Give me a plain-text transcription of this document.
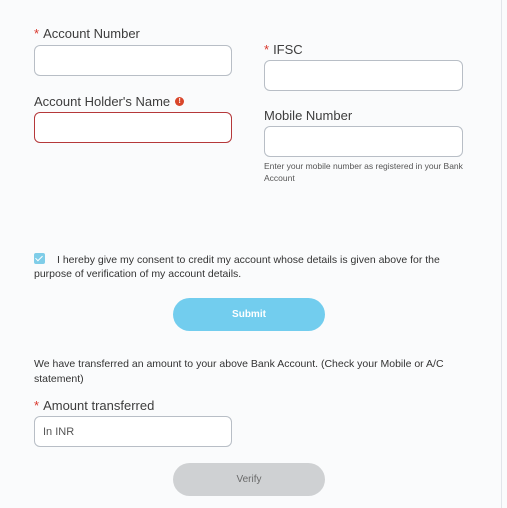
* Account Number
* IFSC
Account Holder's Name	!
Mobile Number
Enter your mobile number as registered in your Bank Account
I hereby give my consent to credit my account whose details is given above for the purpose of verification of my account details.
Submit
We have transferred an amount to your above Bank Account. (Check your Mobile or A/C statement)
* Amount transferred
In INR
Verify
